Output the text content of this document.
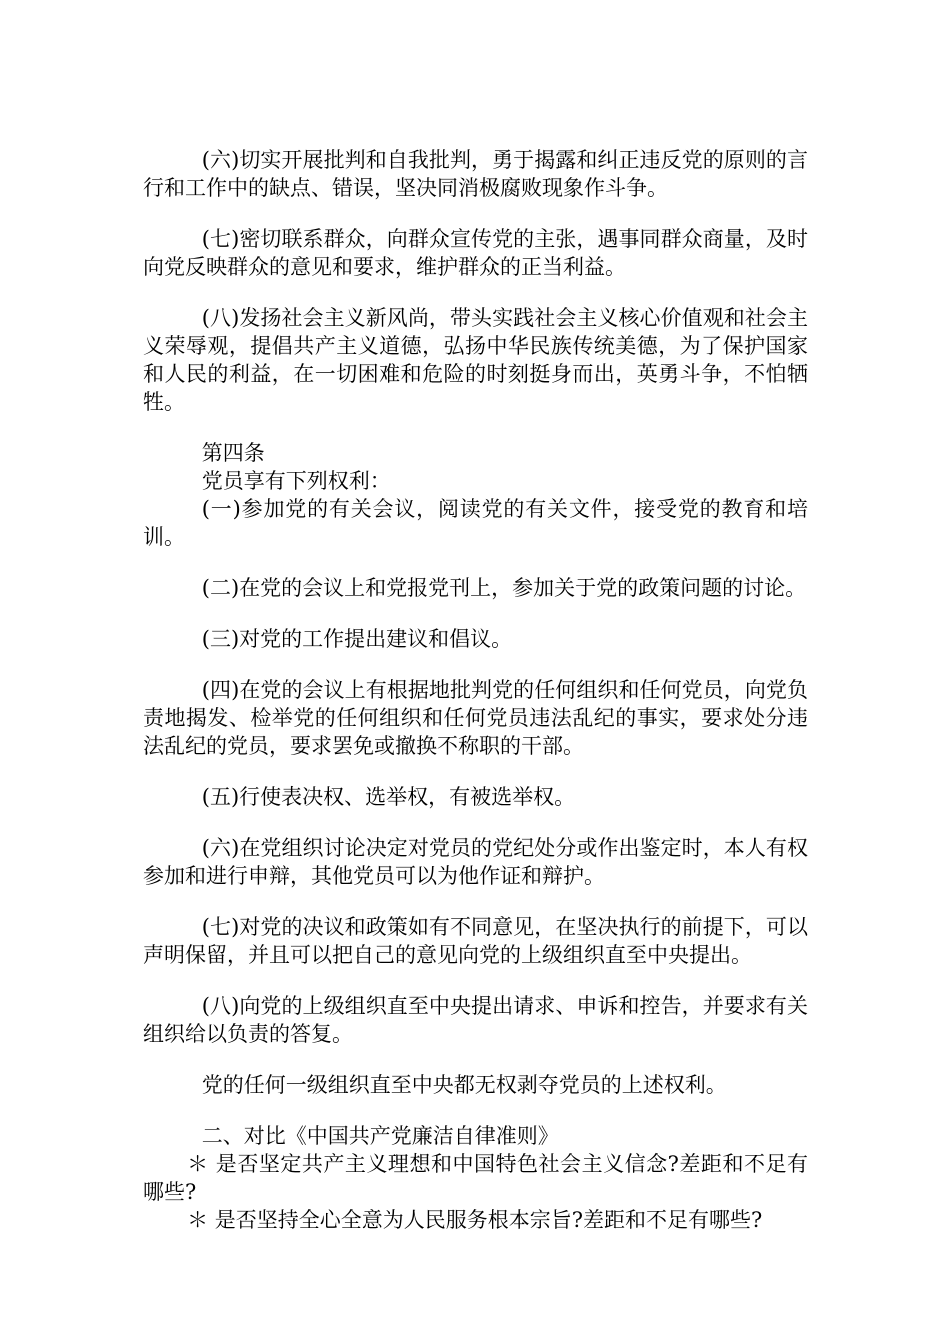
(六)切实开展批判和自我批判，勇于揭露和纠正违反党的原则的言行和工作中的缺点、错误，坚决同消极腐败现象作斗争。

(七)密切联系群众，向群众宣传党的主张，遇事同群众商量，及时向党反映群众的意见和要求，维护群众的正当利益。

(八)发扬社会主义新风尚，带头实践社会主义核心价值观和社会主义荣辱观，提倡共产主义道德，弘扬中华民族传统美德，为了保护国家和人民的利益，在一切困难和危险的时刻挺身而出，英勇斗争，不怕牺牲。

第四条

党员享有下列权利：

(一)参加党的有关会议，阅读党的有关文件，接受党的教育和培训。

(二)在党的会议上和党报党刊上，参加关于党的政策问题的讨论。

(三)对党的工作提出建议和倡议。

(四)在党的会议上有根据地批判党的任何组织和任何党员，向党负责地揭发、检举党的任何组织和任何党员违法乱纪的事实，要求处分违法乱纪的党员，要求罢免或撤换不称职的干部。

(五)行使表决权、选举权，有被选举权。

(六)在党组织讨论决定对党员的党纪处分或作出鉴定时，本人有权参加和进行申辩，其他党员可以为他作证和辩护。

(七)对党的决议和政策如有不同意见，在坚决执行的前提下，可以声明保留，并且可以把自己的意见向党的上级组织直至中央提出。

(八)向党的上级组织直至中央提出请求、申诉和控告，并要求有关组织给以负责的答复。

党的任何一级组织直至中央都无权剥夺党员的上述权利。

二、对比《中国共产党廉洁自律准则》

＊ 是否坚定共产主义理想和中国特色社会主义信念?差距和不足有哪些?

＊ 是否坚持全心全意为人民服务根本宗旨?差距和不足有哪些?
